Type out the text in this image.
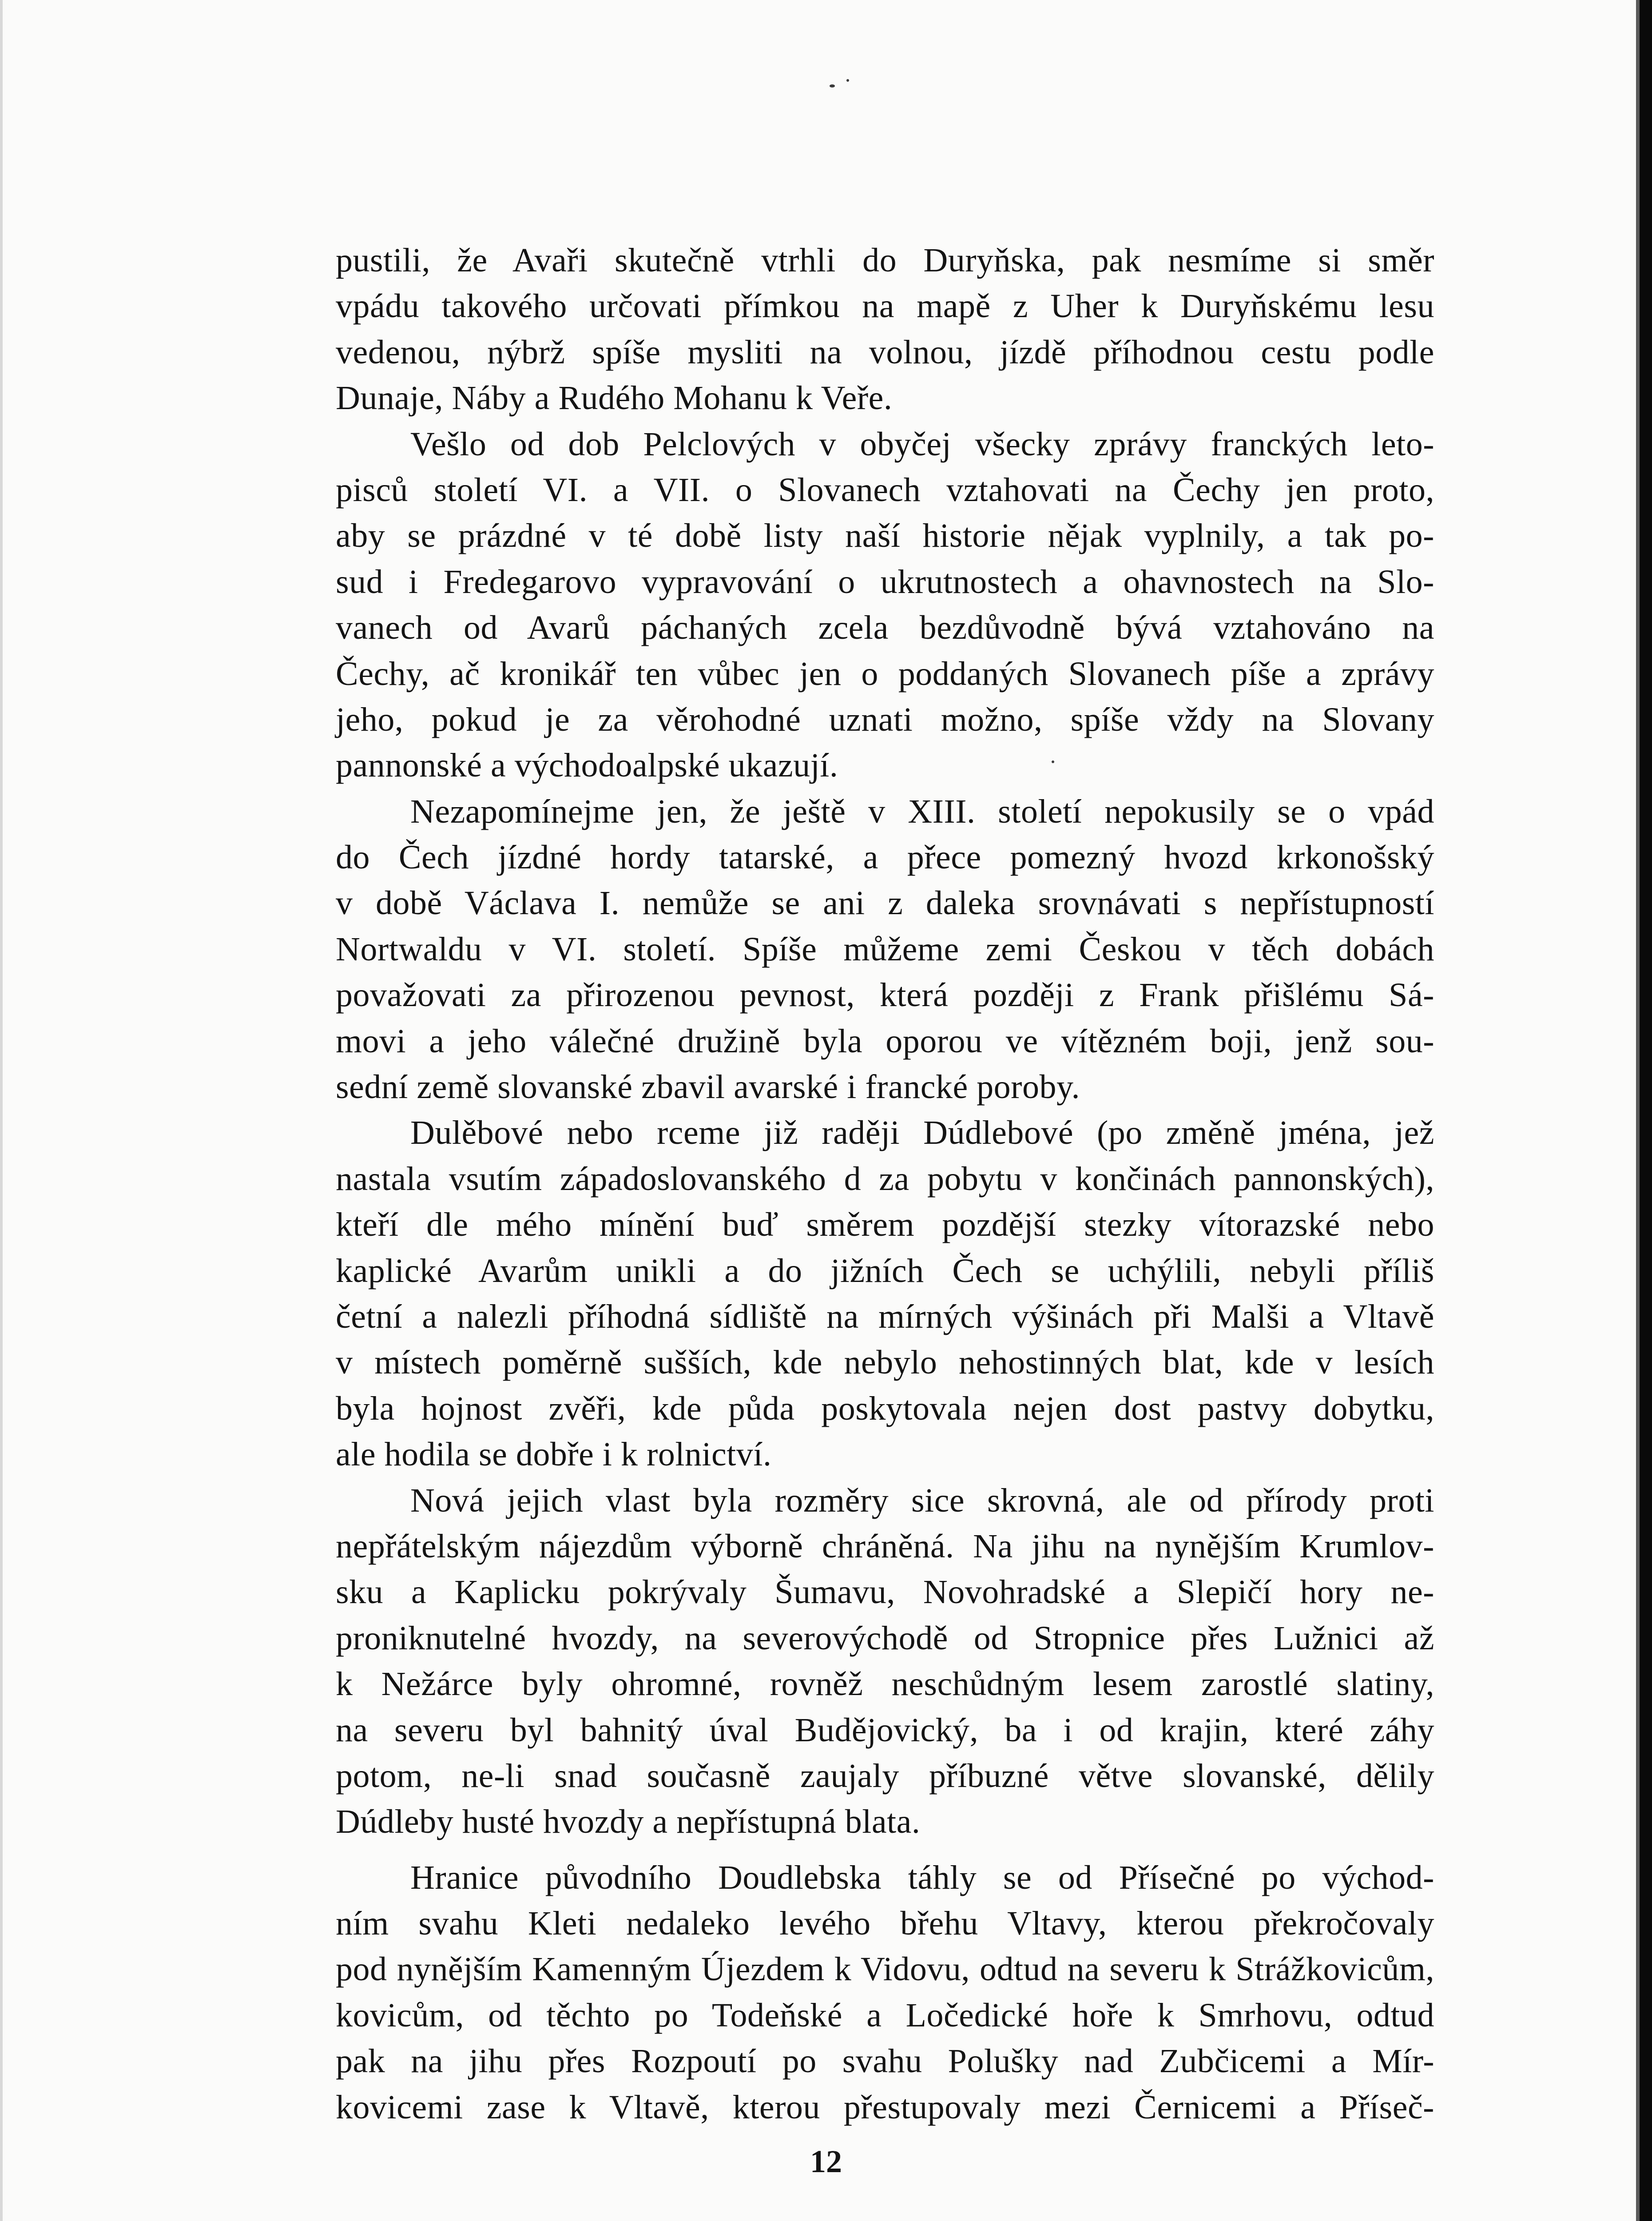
pustili, že Avaři skutečně vtrhli do Duryňska, pak nesmíme si směr
vpádu takového určovati přímkou na mapě z Uher k Duryňskému lesu
vedenou, nýbrž spíše mysliti na volnou, jízdě příhodnou cestu podle
Dunaje, Náby a Rudého Mohanu k Veře.
Vešlo od dob Pelclových v obyčej všecky zprávy franckých leto-
pisců století VI. a VII. o Slovanech vztahovati na Čechy jen proto,
aby se prázdné v té době listy naší historie nějak vyplnily, a tak po-
sud i Fredegarovo vypravování o ukrutnostech a ohavnostech na Slo-
vanech od Avarů páchaných zcela bezdůvodně bývá vztahováno na
Čechy, ač kronikář ten vůbec jen o poddaných Slovanech píše a zprávy
jeho, pokud je za věrohodné uznati možno, spíše vždy na Slovany
pannonské a východoalpské ukazují.
Nezapomínejme jen, že ještě v XIII. století nepokusily se o vpád
do Čech jízdné hordy tatarské, a přece pomezný hvozd krkonošský
v době Václava I. nemůže se ani z daleka srovnávati s nepřístupností
Nortwaldu v VI. století. Spíše můžeme zemi Českou v těch dobách
považovati za přirozenou pevnost, která později z Frank přišlému Sá-
movi a jeho válečné družině byla oporou ve vítězném boji, jenž sou-
sední země slovanské zbavil avarské i francké poroby.
Dulěbové nebo rceme již raději Dúdlebové (po změně jména, jež
nastala vsutím západoslovanského d za pobytu v končinách pannonských),
kteří dle mého mínění buď směrem pozdější stezky vítorazské nebo
kaplické Avarům unikli a do jižních Čech se uchýlili, nebyli příliš
četní a nalezli příhodná sídliště na mírných výšinách při Malši a Vltavě
v místech poměrně sušších, kde nebylo nehostinných blat, kde v lesích
byla hojnost zvěři, kde půda poskytovala nejen dost pastvy dobytku,
ale hodila se dobře i k rolnictví.
Nová jejich vlast byla rozměry sice skrovná, ale od přírody proti
nepřátelským nájezdům výborně chráněná. Na jihu na nynějším Krumlov-
sku a Kaplicku pokrývaly Šumavu, Novohradské a Slepičí hory ne-
proniknutelné hvozdy, na severovýchodě od Stropnice přes Lužnici až
k Nežárce byly ohromné, rovněž neschůdným lesem zarostlé slatiny,
na severu byl bahnitý úval Budějovický, ba i od krajin, které záhy
potom, ne-li snad současně zaujaly příbuzné větve slovanské, dělily
Dúdleby husté hvozdy a nepřístupná blata.
Hranice původního Doudlebska táhly se od Přísečné po východ-
ním svahu Kleti nedaleko levého břehu Vltavy, kterou překročovaly
pod nynějším Kamenným Újezdem k Vidovu, odtud na severu k Strážkovicům,
kovicům, od těchto po Todeňské a Ločedické hoře k Smrhovu, odtud
pak na jihu přes Rozpoutí po svahu Polušky nad Zubčicemi a Mír-
kovicemi zase k Vltavě, kterou přestupovaly mezi Černicemi a Příseč-
12
